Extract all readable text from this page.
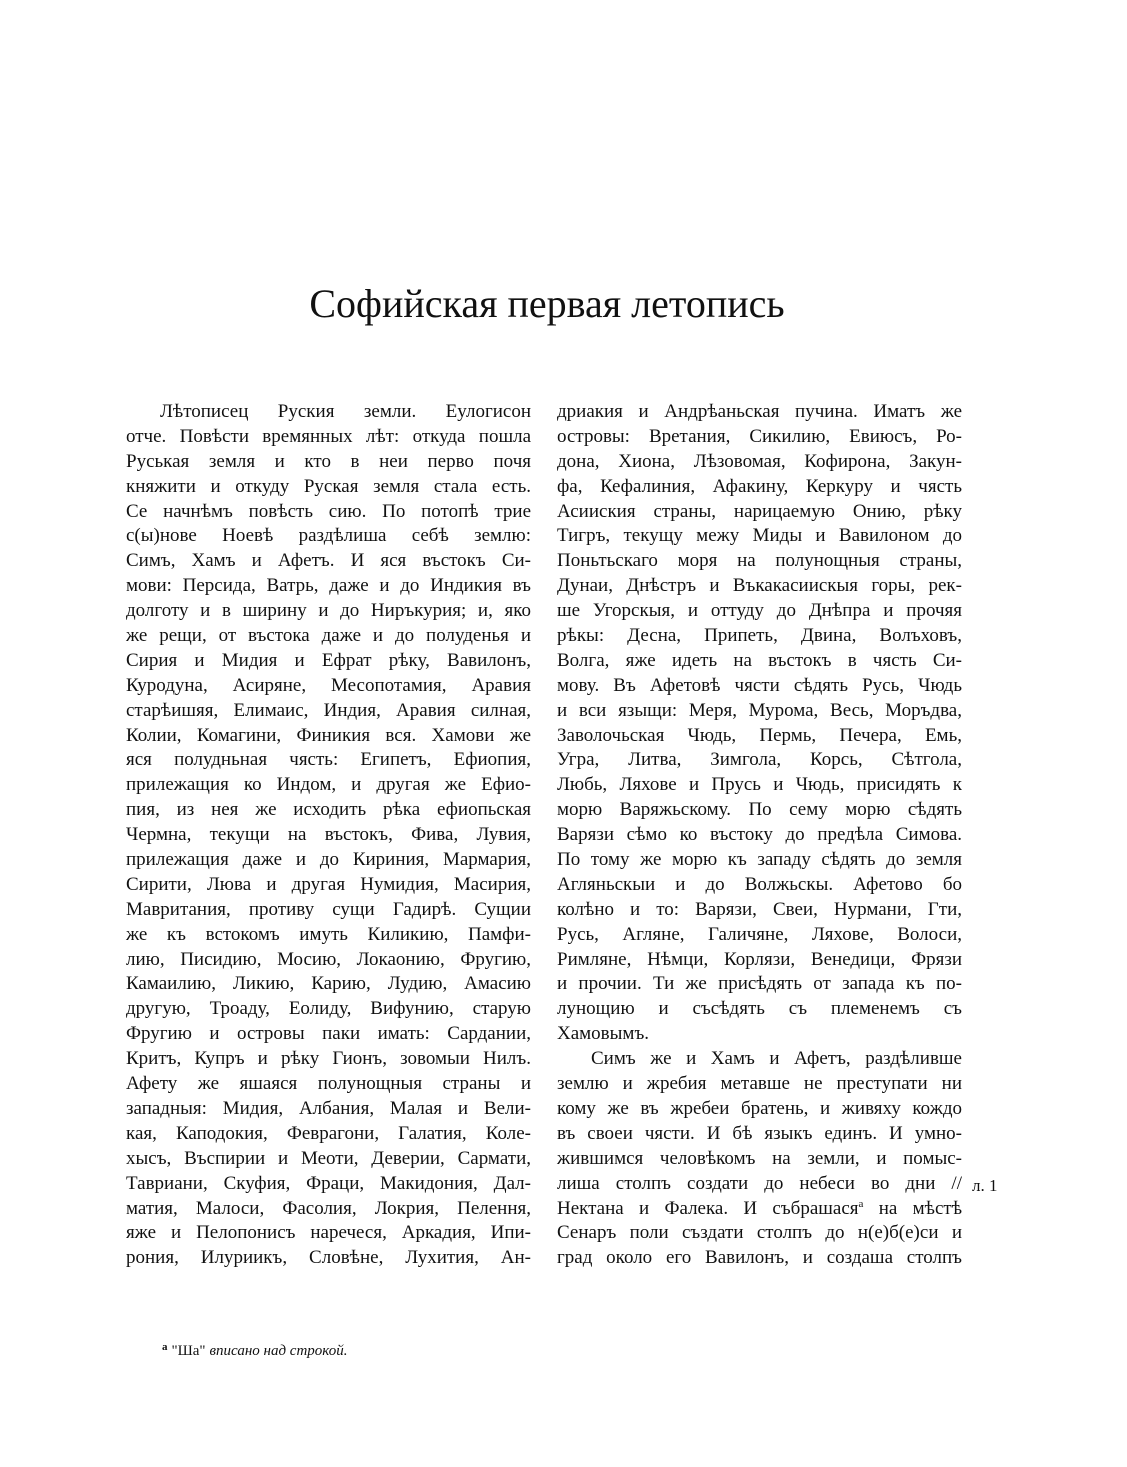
Софийская первая летопись
Лѣтописец Руския земли. Еулогисон
отче. Повѣсти времянных лѣт: откуда пошла
Руськая земля и кто в неи перво почя
княжити и откуду Руская земля стала есть.
Се начнѣмъ повѣсть сию. По потопѣ трие
с(ы)нове Ноевѣ раздѣлиша себѣ землю:
Симъ, Хамъ и Афетъ. И яся въстокъ Си-
мови: Персида, Ватрь, даже и до Индикия въ
долготу и в ширину и до Ниръкурия; и, яко
же рещи, от въстока даже и до полуденья и
Сирия и Мидия и Ефрат рѣку, Вавилонъ,
Куродуна, Асиряне, Месопотамия, Аравия
старѣишяя, Елимаис, Индия, Аравия силная,
Колии, Комагини, Финикия вся. Хамови же
яся полудньная чясть: Египетъ, Ефиопия,
прилежащия ко Индом, и другая же Ефио-
пия, из нея же исходить рѣка ефиопьская
Чермна, текущи на въстокъ, Фива, Лувия,
прилежащия даже и до Кириния, Мармария,
Сирити, Люва и другая Нумидия, Масирия,
Мавритания, противу сущи Гадирѣ. Сущии
же къ встокомъ имуть Киликию, Памфи-
лию, Писидию, Мосию, Локаонию, Фругию,
Камаилию, Ликию, Карию, Лудию, Амасию
другую, Троаду, Еолиду, Вифунию, старую
Фругию и островы паки имать: Сардании,
Критъ, Купръ и рѣку Гионъ, зовомыи Нилъ.
Афету же яшаяся полунощныя страны и
западныя: Мидия, Албания, Малая и Вели-
кая, Каподокия, Феврагони, Галатия, Коле-
хысъ, Въспирии и Меоти, Деверии, Сармати,
Тавриани, Скуфия, Фраци, Макидония, Дал-
матия, Малоси, Фасолия, Локрия, Пелення,
яже и Пелопонисъ наречеся, Аркадия, Ипи-
рония, Илуриикъ, Словѣне, Лухития, Ан-
дриакия и Андрѣаньская пучина. Иматъ же
островы: Вретания, Сикилию, Евиюсъ, Ро-
дона, Хиона, Лѣзовомая, Кофирона, Закун-
фа, Кефалиния, Афакину, Керкуру и чясть
Асииския страны, нарицаемую Онию, рѣку
Тигръ, текущу межу Миды и Вавилоном до
Поньтьскаго моря на полунощныя страны,
Дунаи, Днѣстръ и Въкакасиискыя горы, рек-
ше Угорскыя, и оттуду до Днѣпра и прочяя
рѣкы: Десна, Припеть, Двина, Волъховъ,
Волга, яже идеть на въстокъ в чясть Си-
мову. Въ Афетовѣ чясти сѣдять Русь, Чюдь
и вси языщи: Меря, Мурома, Весь, Моръдва,
Заволочьская Чюдь, Пермь, Печера, Емь,
Угра, Литва, Зимгола, Корсь, Сѣтгола,
Любь, Ляхове и Прусь и Чюдь, присидять к
морю Варяжьскому. По сему морю сѣдять
Варязи сѣмо ко въстоку до предѣла Симова.
По тому же морю къ западу сѣдять до земля
Агляньскыи и до Волжьскы. Афетово бо
колѣно и то: Варязи, Свеи, Нурмани, Гти,
Русь, Агляне, Галичяне, Ляхове, Волоси,
Римляне, Нѣмци, Корлязи, Венедици, Фрязи
и прочии. Ти же присѣдять от запада къ по-
лунощию и съсѣдять съ племенемъ съ
Хамовымъ.
Симъ же и Хамъ и Афетъ, раздѣливше
землю и жребия метавше не преступати ни
кому же въ жребеи братень, и живяху кождо
въ своеи чясти. И бѣ языкъ единъ. И умно-
жившимся человѣкомъ на земли, и помыс-
лиша столпъ создати до небеси во дни //
Нектана и Фалека. И събрашася$^а$ на мѣстѣ
Сенаръ поли създати столпъ до н(е)б(е)си и
град около его Вавилонъ, и создаша столпъ
л. 1
$^а$ "Ша" вписано над строкой.
